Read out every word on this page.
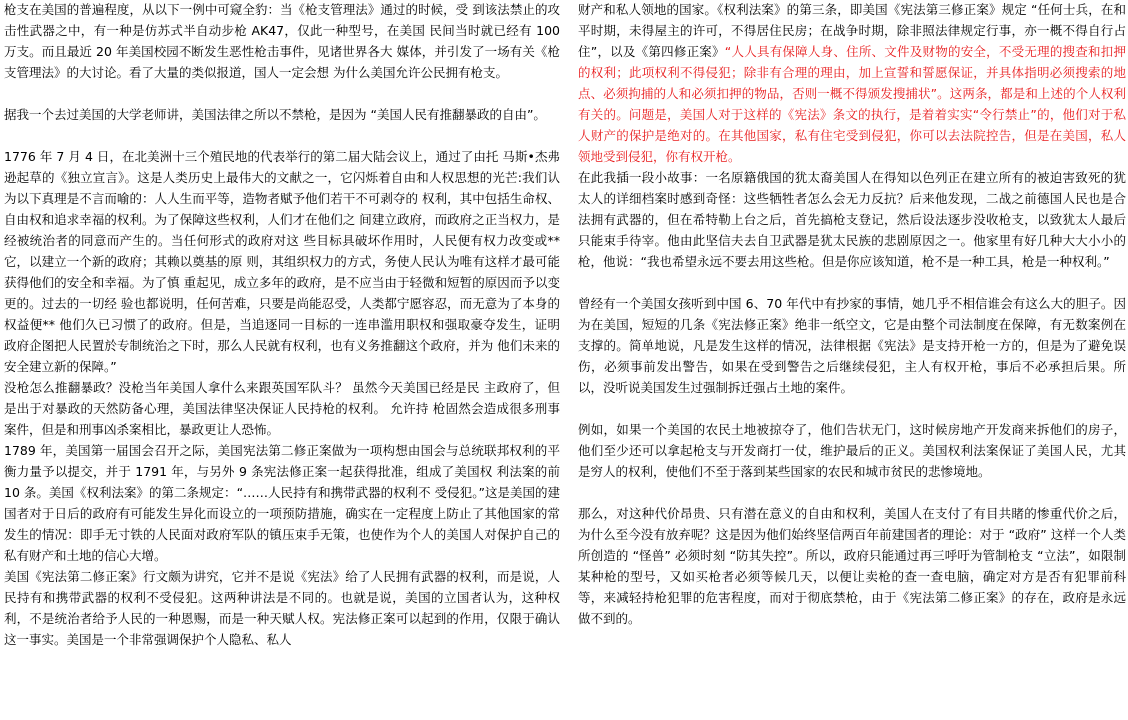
枪支在美国的普遍程度，从以下一例中可窥全豹：当《枪支管理法》通过的时候，受 到该法禁止的攻击性武器之中，有一种是仿苏式半自动步枪 AK47，仅此一种型号，在美国 民间当时就已经有 100 万支。而且最近 20 年美国校园不断发生恶性枪击事件，见诸世界各大 媒体，并引发了一场有关《枪支管理法》的大讨论。看了大量的类似报道，国人一定会想 为什么美国允许公民拥有枪支。

据我一个去过美国的大学老师讲，美国法律之所以不禁枪，是因为 “美国人民有推翻暴政的自由”。

1776 年 7 月 4 日，在北美洲十三个殖民地的代表举行的第二届大陆会议上，通过了由托 马斯•杰弗逊起草的《独立宣言》。这是人类历史上最伟大的文献之一，它闪烁着自由和人权思想的光芒:我们认为以下真理是不言而喻的：人人生而平等，造物者赋予他们若干不可剥夺的 权利，其中包括生命权、自由权和追求幸福的权利。为了保障这些权利，人们才在他们之 间建立政府，而政府之正当权力，是经被统治者的同意而产生的。当任何形式的政府对这 些目标具破坏作用时，人民便有权力改变或**它，以建立一个新的政府；其赖以奠基的原 则，其组织权力的方式，务使人民认为唯有这样才最可能获得他们的安全和幸福。为了慎 重起见，成立多年的政府，是不应当由于轻微和短暂的原因而予以变更的。过去的一切经 验也都说明，任何苦难，只要是尚能忍受，人类都宁愿容忍，而无意为了本身的权益便** 他们久已习惯了的政府。但是，当追逐同一目标的一连串滥用职权和强取豪夺发生，证明 政府企图把人民置於专制统治之下时，那么人民就有权利，也有义务推翻这个政府，并为 他们未来的安全建立新的保障。”

没枪怎么推翻暴政？没枪当年美国人拿什么来跟英国军队斗？ 虽然今天美国已经是民 主政府了，但是出于对暴政的天然防备心理，美国法律坚决保证人民持枪的权利。 允许持 枪固然会造成很多刑事案件，但是和刑事凶杀案相比，暴政更让人恐怖。

1789 年，美国第一届国会召开之际，美国宪法第二修正案做为一项构想由国会与总统联邦权利的平衡力量予以提交，并于 1791 年，与另外 9 条宪法修正案一起获得批准，组成了美国权 利法案的前 10 条。美国《权利法案》的第二条规定：“……人民持有和携带武器的权利不 受侵犯。”这是美国的建国者对于日后的政府有可能发生异化而设立的一项预防措施，确实在一定程度上防止了其他国家的常发生的情况：即手无寸铁的人民面对政府军队的镇压束手无策，也使作为个人的美国人对保护自己的私有财产和土地的信心大增。

美国《宪法第二修正案》行文颇为讲究，它并不是说《宪法》给了人民拥有武器的权利，而是说，人民持有和携带武器的权利不受侵犯。这两种讲法是不同的。也就是说，美国的立国者认为，这种权利，不是统治者给予人民的一种恩赐，而是一种天赋人权。宪法修正案可以起到的作用，仅限于确认这一事实。美国是一个非常强调保护个人隐私、私人

财产和私人领地的国家。《权利法案》的第三条，即美国《宪法第三修正案》规定 “任何士兵，在和平时期，未得屋主的许可，不得居住民房；在战争时期，除非照法律规定行事，亦一概不得自行占住”，以及《第四修正案》“人人具有保障人身、住所、文件及财物的安全，不受无理的搜查和扣押的权利；此项权利不得侵犯；除非有合理的理由，加上宣誓和誓愿保证，并具体指明必须搜索的地点、必须拘捕的人和必须扣押的物品，否则一概不得颁发搜捕状”。这两条，都是和上述的个人权利有关的。问题是，美国人对于这样的《宪法》条文的执行，是着着实实“令行禁止”的，他们对于私人财产的保护是绝对的。在其他国家，私有住宅受到侵犯，你可以去法院控告，但是在美国，私人领地受到侵犯，你有权开枪。

在此我插一段小故事：一名原籍俄国的犹太裔美国人在得知以色列正在建立所有的被迫害致死的犹太人的详细档案时感到奇怪：这些牺牲者怎么会无力反抗？后来他发现，二战之前德国人民也是合法拥有武器的，但在希特勒上台之后，首先搞枪支登记，然后设法逐步没收枪支，以致犹太人最后只能束手待宰。他由此坚信夫去自卫武器是犹太民族的悲剧原因之一。他家里有好几种大大小小的枪，他说：“我也希望永远不要去用这些枪。但是你应该知道，枪不是一种工具，枪是一种权利。”

曾经有一个美国女孩听到中国 6、70 年代中有抄家的事情，她几乎不相信谁会有这么大的胆子。因为在美国，短短的几条《宪法修正案》绝非一纸空文，它是由整个司法制度在保障，有无数案例在支撑的。简单地说，凡是发生这样的情况，法律根据《宪法》是支持开枪一方的，但是为了避免误伤，必须事前发出警告，如果在受到警告之后继续侵犯，主人有权开枪，事后不必承担后果。所以，没听说美国发生过强制拆迁强占土地的案件。

例如，如果一个美国的农民土地被掠夺了，他们告状无门，这时候房地产开发商来拆他们的房子，他们至少还可以拿起枪支与开发商打一仗，维护最后的正义。美国权利法案保证了美国人民，尤其是穷人的权利，使他们不至于落到某些国家的农民和城市贫民的悲惨境地。

那么，对这种代价昂贵、只有潜在意义的自由和权利，美国人在支付了有目共睹的惨重代价之后，为什么至今没有放弃呢？这是因为他们始终坚信两百年前建国者的理论：对于 “政府” 这样一个人类所创造的 “怪兽” 必须时刻 “防其失控”。所以，政府只能通过再三呼吁为管制枪支 “立法”，如限制某种枪的型号，又如买枪者必须等候几天，以便让卖枪的查一查电脑，确定对方是否有犯罪前科等，来减轻持枪犯罪的危害程度，而对于彻底禁枪，由于《宪法第二修正案》的存在，政府是永远做不到的。
